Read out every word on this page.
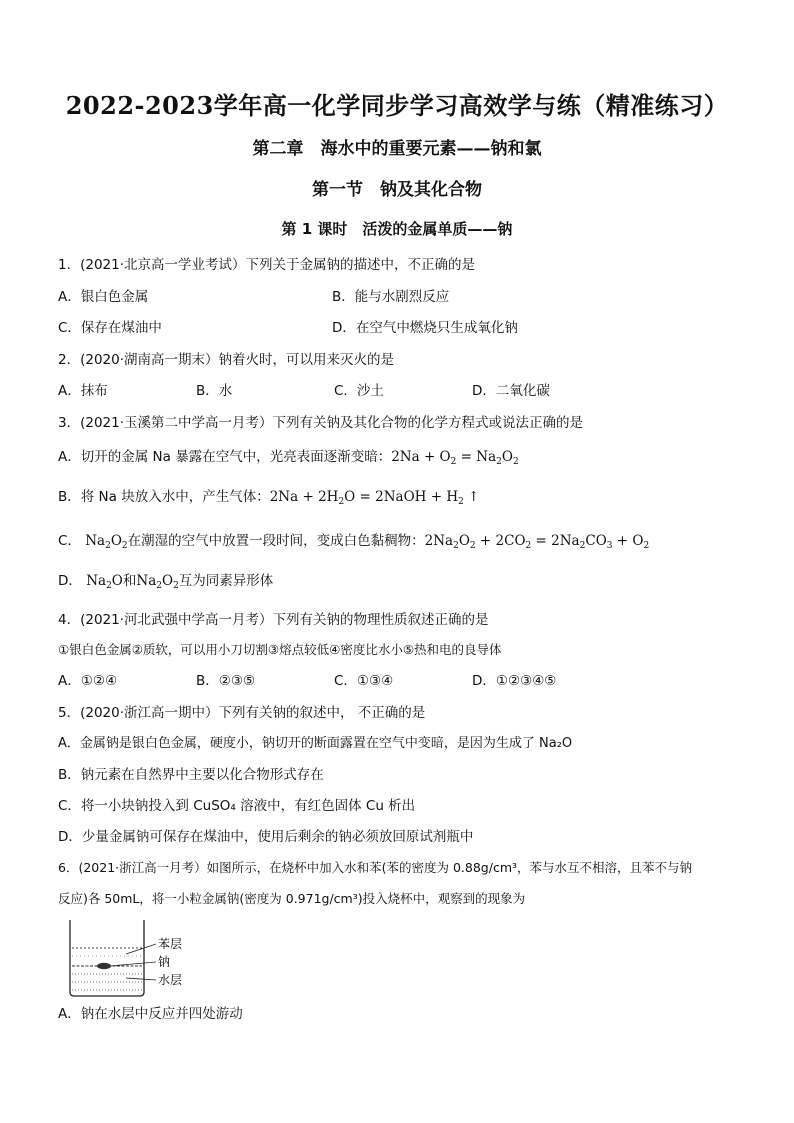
2022-2023学年高一化学同步学习高效学与练（精准练习）
第二章　海水中的重要元素——钠和氯
第一节　钠及其化合物
第 1 课时　活泼的金属单质——钠
1．(2021·北京高一学业考试）下列关于金属钠的描述中，不正确的是
A．银白色金属	B．能与水剧烈反应
C．保存在煤油中	D．在空气中燃烧只生成氧化钠
2．(2020·湖南高一期末）钠着火时，可以用来灭火的是
A．抹布	B．水	C．沙土	D．二氧化碳
3．(2021·玉溪第二中学高一月考）下列有关钠及其化合物的化学方程式或说法正确的是
A．切开的金属 Na 暴露在空气中，光亮表面逐渐变暗：$2Na + O_2 = Na_2O_2$
B．将 Na 块放入水中，产生气体：$2Na + 2H_2O$ = 2NaOH + $H_2$ ↑
C． $Na_2O_2$在潮湿的空气中放置一段时间，变成白色黏稠物：$2Na_2O_2 + 2CO_2 = 2Na_2CO_3 + O_2$
D． $Na_2O$和$Na_2O_2$互为同素异形体
4．(2021·河北武强中学高一月考）下列有关钠的物理性质叙述正确的是
①银白色金属②质软，可以用小刀切割③熔点较低④密度比水小⑤热和电的良导体
A．①②④	B．②③⑤	C．①③④	D．①②③④⑤
5．(2020·浙江高一期中）下列有关钠的叙述中， 不正确的是
A．金属钠是银白色金属，硬度小，钠切开的断面露置在空气中变暗，是因为生成了 Na₂O
B．钠元素在自然界中主要以化合物形式存在
C．将一小块钠投入到 CuSO₄ 溶液中，有红色固体 Cu 析出
D．少量金属钠可保存在煤油中，使用后剩余的钠必须放回原试剂瓶中
6．(2021·浙江高一月考）如图所示，在烧杯中加入水和苯(苯的密度为 0.88g/cm³，苯与水互不相溶，且苯不与钠
反应)各 50mL，将一小粒金属钠(密度为 0.971g/cm³)投入烧杯中，观察到的现象为
苯层
钠
水层
A．钠在水层中反应并四处游动
